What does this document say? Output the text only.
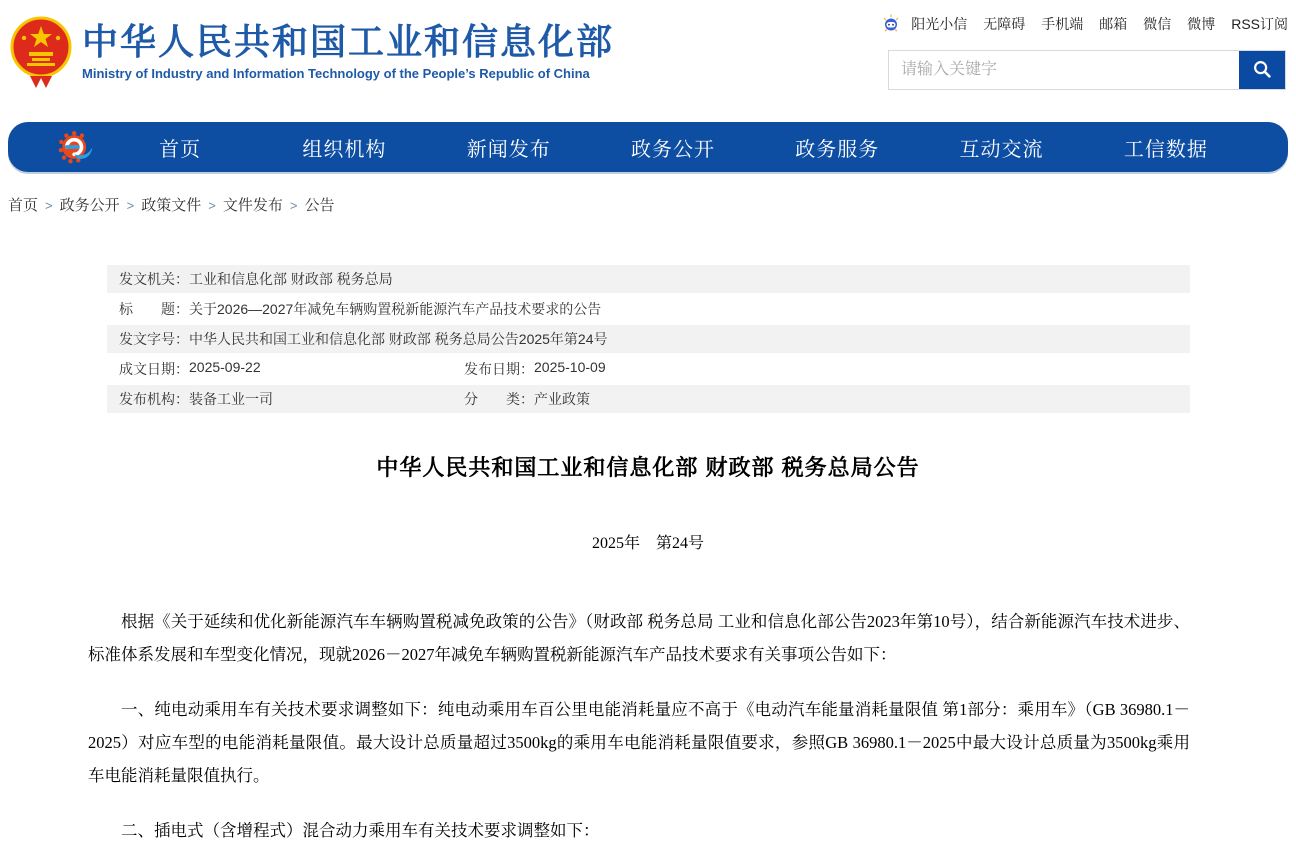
中华人民共和国工业和信息化部
Ministry of Industry and Information Technology of the People’s Republic of China
阳光小信 无障碍 手机端 邮箱 微信 微博 RSS订阅
请输入关键字
首页	组织机构	新闻发布	政务公开	政务服务	互动交流	工信数据
首页 > 政务公开 > 政策文件 > 文件发布 > 公告
发文机关： 工业和信息化部 财政部 税务总局
标　　题： 关于2026—2027年减免车辆购置税新能源汽车产品技术要求的公告
发文字号： 中华人民共和国工业和信息化部 财政部 税务总局公告2025年第24号
成文日期： 2025-09-22	发布日期： 2025-10-09
发布机构： 装备工业一司	分　　类： 产业政策
中华人民共和国工业和信息化部 财政部 税务总局公告
2025年　第24号

根据《关于延续和优化新能源汽车车辆购置税减免政策的公告》（财政部 税务总局 工业和信息化部公告2023年第10号），结合新能源汽车技术进步、标准体系发展和车型变化情况，现就2026－2027年减免车辆购置税新能源汽车产品技术要求有关事项公告如下：

一、纯电动乘用车有关技术要求调整如下：纯电动乘用车百公里电能消耗量应不高于《电动汽车能量消耗量限值 第1部分：乘用车》（GB 36980.1－2025）对应车型的电能消耗量限值。最大设计总质量超过3500kg的乘用车电能消耗量限值要求，参照GB 36980.1－2025中最大设计总质量为3500kg乘用车电能消耗量限值执行。

二、插电式（含增程式）混合动力乘用车有关技术要求调整如下：
